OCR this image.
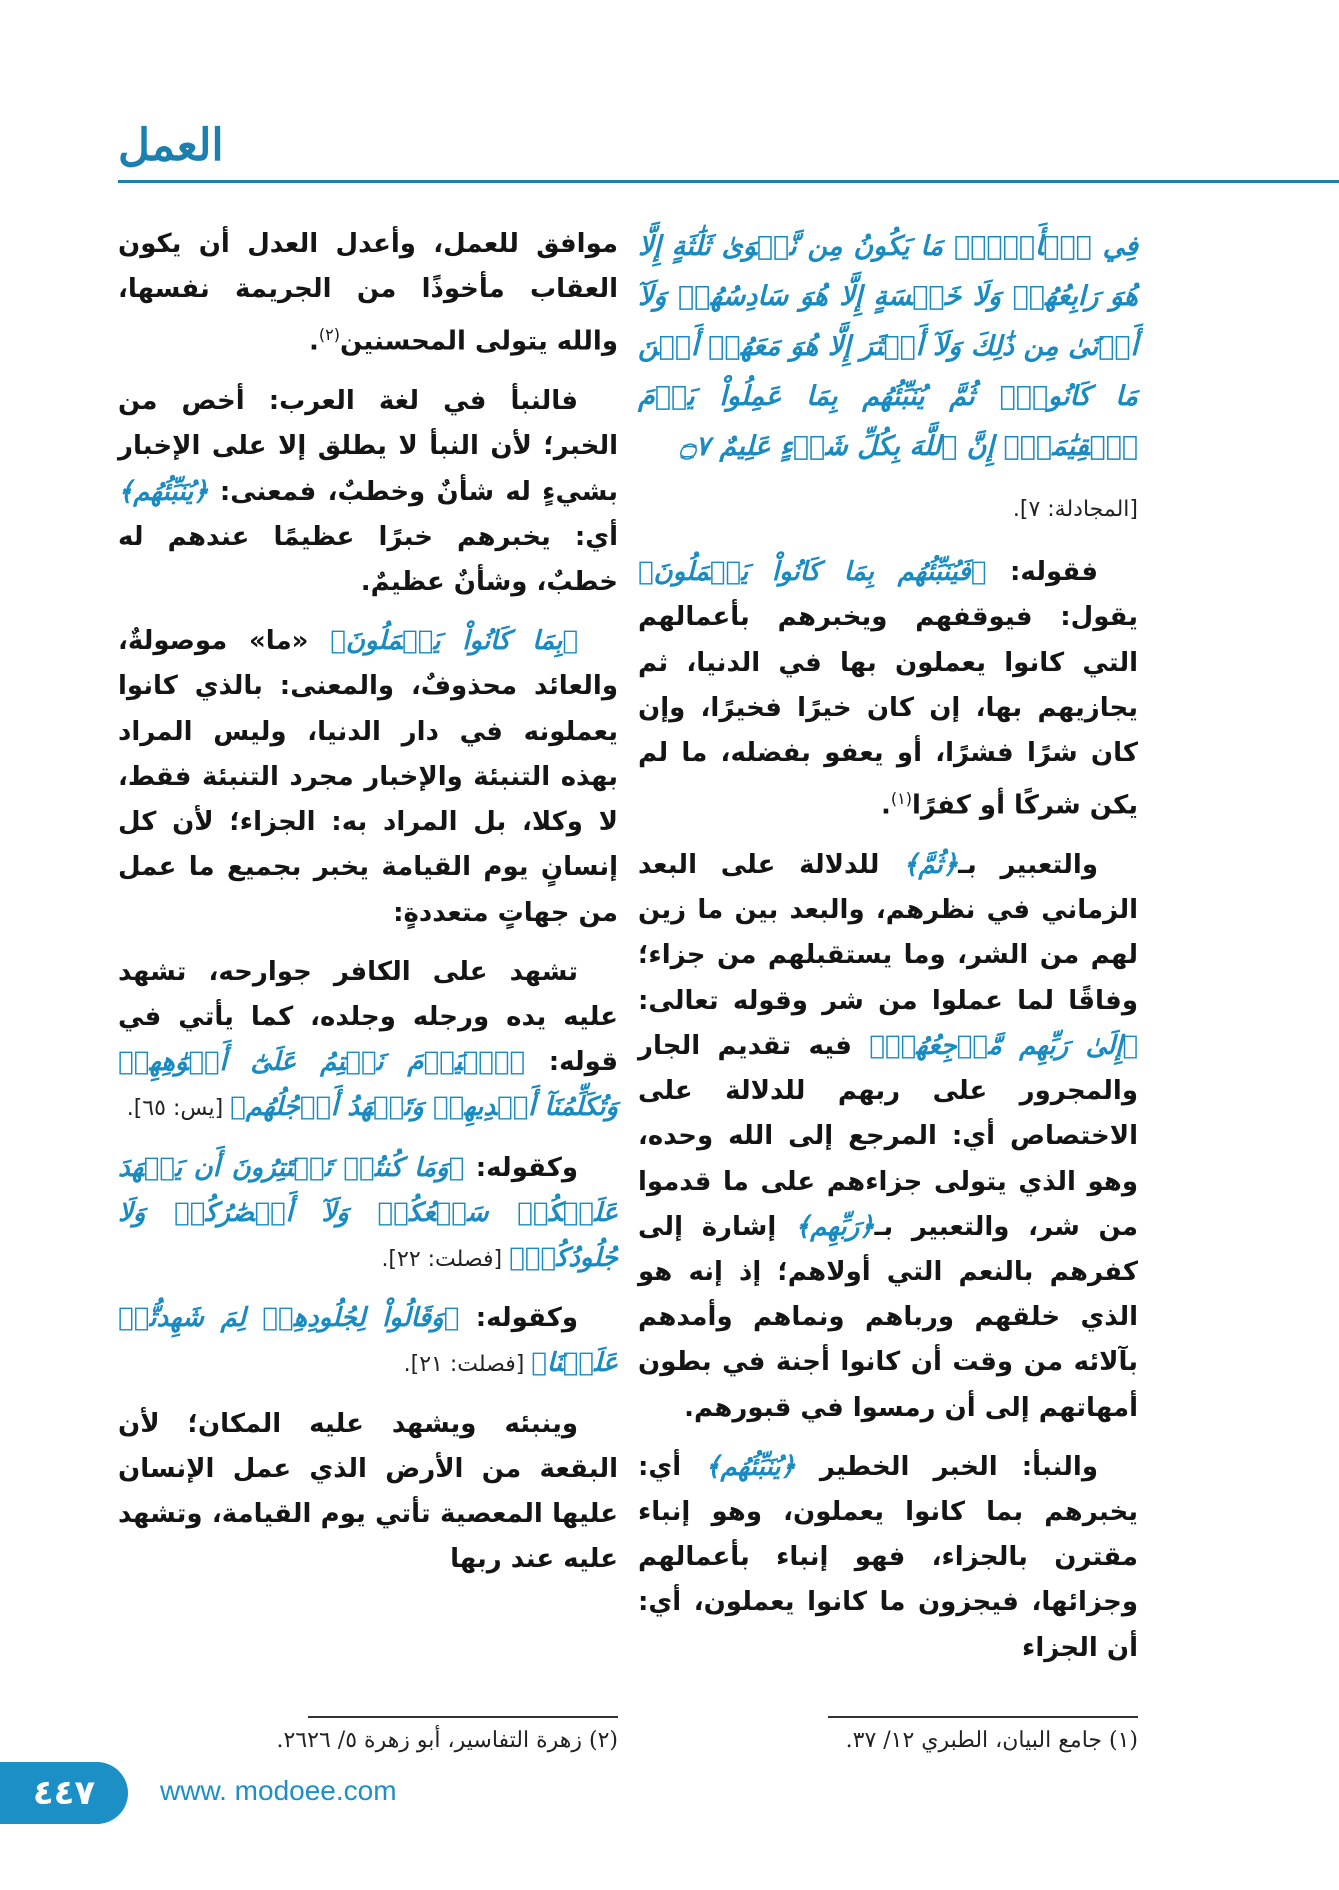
العمل

فِي ٱلۡأَرۡضِۖ مَا يَكُونُ مِن نَّجۡوَىٰ ثَلَٰثَةٍ إِلَّا هُوَ رَابِعُهُمۡ وَلَا خَمۡسَةٍ إِلَّا هُوَ سَادِسُهُمۡ وَلَآ أَدۡنَىٰ مِن ذَٰلِكَ وَلَآ أَكۡثَرَ إِلَّا هُوَ مَعَهُمۡ أَيۡنَ مَا كَانُواْۖ ثُمَّ يُنَبِّئُهُم بِمَا عَمِلُواْ يَوۡمَ ٱلۡقِيَٰمَةِۚ إِنَّ ٱللَّهَ بِكُلِّ شَيۡءٍ عَلِيمٌ ۝٧

[المجادلة: ٧].

فقوله: ﴿فَيُنَبِّئُهُم بِمَا كَانُواْ يَعۡمَلُونَ﴾ يقول: فيوقفهم ويخبرهم بأعمالهم التي كانوا يعملون بها في الدنيا، ثم يجازيهم بها، إن كان خيرًا فخيرًا، وإن كان شرًا فشرًا، أو يعفو بفضله، ما لم يكن شركًا أو كفرًا$^{(١)}$.

والتعبير بـ﴿ثُمَّ﴾ للدلالة على البعد الزماني في نظرهم، والبعد بين ما زين لهم من الشر، وما يستقبلهم من جزاء؛ وفاقًا لما عملوا من شر وقوله تعالى: ﴿إِلَىٰ رَبِّهِم مَّرۡجِعُهُمۡ﴾ فيه تقديم الجار والمجرور على ربهم للدلالة على الاختصاص أي: المرجع إلى الله وحده، وهو الذي يتولى جزاءهم على ما قدموا من شر، والتعبير بـ﴿رَبِّهِم﴾ إشارة إلى كفرهم بالنعم التي أولاهم؛ إذ إنه هو الذي خلقهم ورباهم ونماهم وأمدهم بآلائه من وقت أن كانوا أجنة في بطون أمهاتهم إلى أن رمسوا في قبورهم.

والنبأ: الخبر الخطير ﴿يُنَبِّئُهُم﴾ أي: يخبرهم بما كانوا يعملون، وهو إنباء مقترن بالجزاء، فهو إنباء بأعمالهم وجزائها، فيجزون ما كانوا يعملون، أي: أن الجزاء

موافق للعمل، وأعدل العدل أن يكون العقاب مأخوذًا من الجريمة نفسها، والله يتولى المحسنين$^{(٢)}$.

فالنبأ في لغة العرب: أخص من الخبر؛ لأن النبأ لا يطلق إلا على الإخبار بشيءٍ له شأنٌ وخطبٌ، فمعنى: ﴿يُنَبِّئُهُم﴾ أي: يخبرهم خبرًا عظيمًا عندهم له خطبٌ، وشأنٌ عظيمٌ.

﴿بِمَا كَانُواْ يَعۡمَلُونَ﴾ «ما» موصولةٌ، والعائد محذوفٌ، والمعنى: بالذي كانوا يعملونه في دار الدنيا، وليس المراد بهذه التنبئة والإخبار مجرد التنبئة فقط، لا وكلا، بل المراد به: الجزاء؛ لأن كل إنسانٍ يوم القيامة يخبر بجميع ما عمل من جهاتٍ متعددةٍ:

تشهد على الكافر جوارحه، تشهد عليه يده ورجله وجلده، كما يأتي في قوله: ﴿ٱلۡيَوۡمَ نَخۡتِمُ عَلَىٰٓ أَفۡوَٰهِهِمۡ وَتُكَلِّمُنَآ أَيۡدِيهِمۡ وَتَشۡهَدُ أَرۡجُلُهُم﴾ [يس: ٦٥].

وكقوله: ﴿وَمَا كُنتُمۡ تَسۡتَتِرُونَ أَن يَشۡهَدَ عَلَيۡكُمۡ سَمۡعُكُمۡ وَلَآ أَبۡصَٰرُكُمۡ وَلَا جُلُودُكُمۡ﴾ [فصلت: ٢٢].

وكقوله: ﴿وَقَالُواْ لِجُلُودِهِمۡ لِمَ شَهِدتُّمۡ عَلَيۡنَا﴾ [فصلت: ٢١].

وينبئه ويشهد عليه المكان؛ لأن البقعة من الأرض الذي عمل الإنسان عليها المعصية تأتي يوم القيامة، وتشهد عليه عند ربها

(١) جامع البيان، الطبري ١٢/ ٣٧.
(٢) زهرة التفاسير، أبو زهرة ٥/ ٢٦٢٦.
٤٤٧ www. modoee.com
